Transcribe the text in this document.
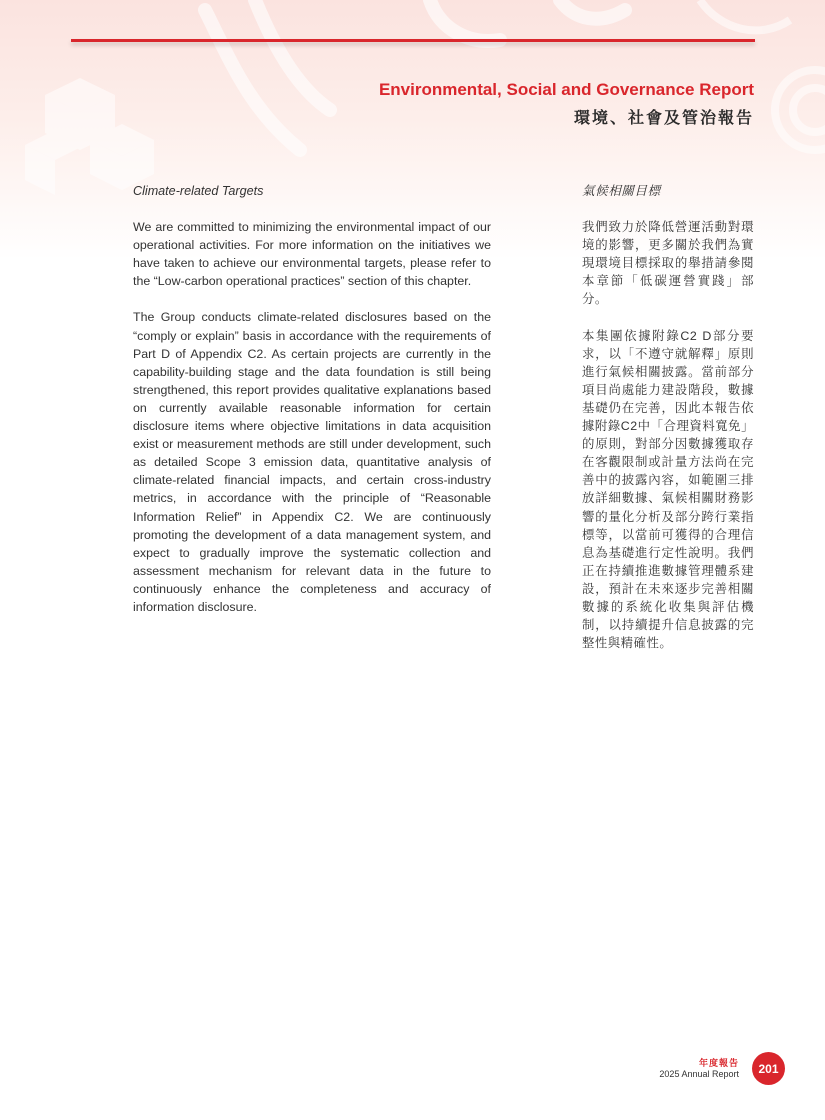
Environmental, Social and Governance Report
環境、社會及管治報告

Climate-related Targets

We are committed to minimizing the environmental impact of our operational activities. For more information on the initiatives we have taken to achieve our environmental targets, please refer to the “Low-carbon operational practices” section of this chapter.

The Group conducts climate-related disclosures based on the “comply or explain” basis in accordance with the requirements of Part D of Appendix C2. As certain projects are currently in the capability-building stage and the data foundation is still being strengthened, this report provides qualitative explanations based on currently available reasonable information for certain disclosure items where objective limitations in data acquisition exist or measurement methods are still under development, such as detailed Scope 3 emission data, quantitative analysis of climate-related financial impacts, and certain cross-industry metrics, in accordance with the principle of “Reasonable Information Relief” in Appendix C2. We are continuously promoting the development of a data management system, and expect to gradually improve the systematic collection and assessment mechanism for relevant data in the future to continuously enhance the completeness and accuracy of information disclosure.

氣候相關目標

我們致力於降低營運活動對環境的影響，更多關於我們為實現環境目標採取的舉措請參閱本章節「低碳運營實踐」部分。

本集團依據附錄C2 D部分要求，以「不遵守就解釋」原則進行氣候相關披露。當前部分項目尚處能力建設階段，數據基礎仍在完善，因此本報告依據附錄C2中「合理資料寬免」的原則，對部分因數據獲取存在客觀限制或計量方法尚在完善中的披露內容，如範圍三排放詳細數據、氣候相關財務影響的量化分析及部分跨行業指標等，以當前可獲得的合理信息為基礎進行定性說明。我們正在持續推進數據管理體系建設，預計在未來逐步完善相關數據的系統化收集與評估機制，以持續提升信息披露的完整性與精確性。

年度報告
2025 Annual Report	201
